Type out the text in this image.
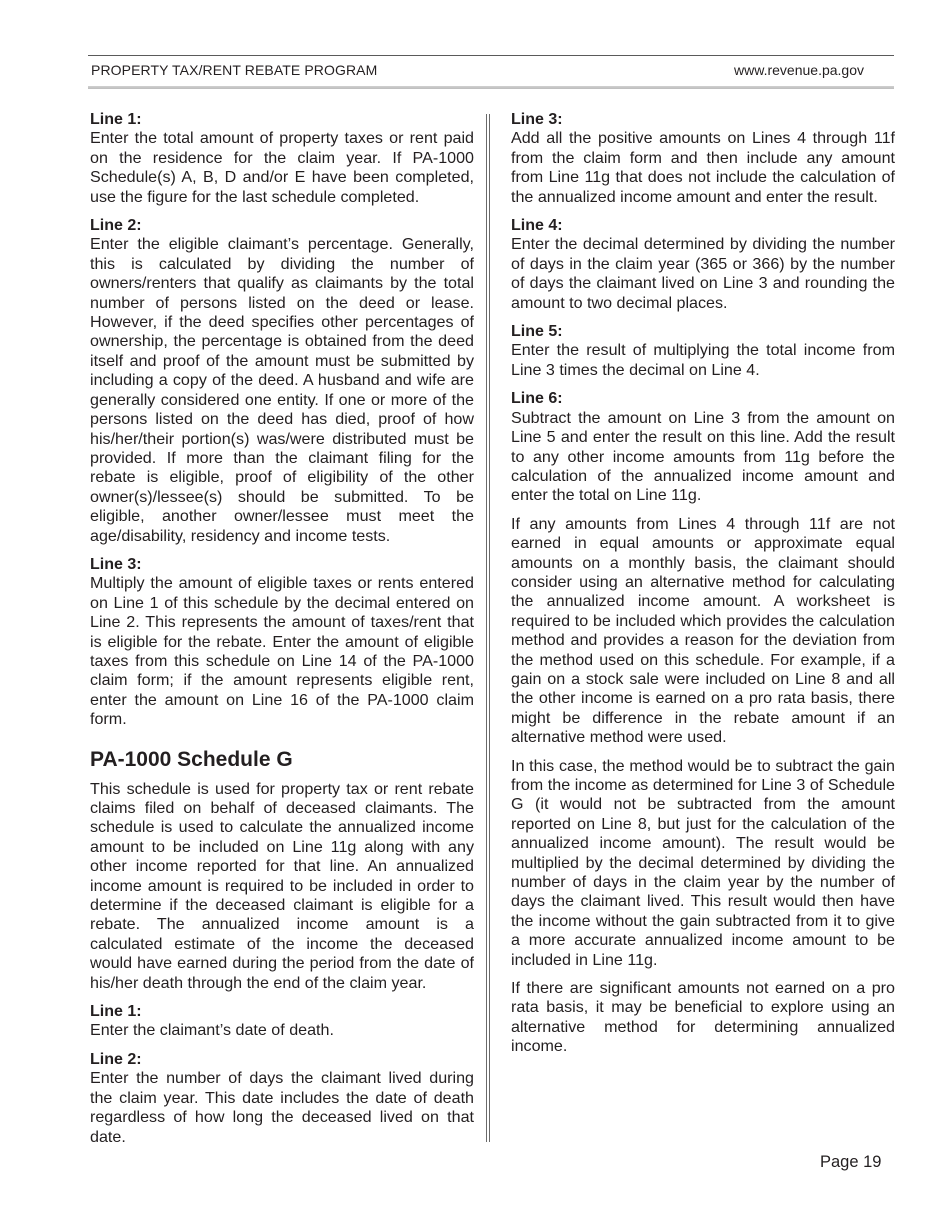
PROPERTY TAX/RENT REBATE PROGRAM	www.revenue.pa.gov
Line 1:

Enter the total amount of property taxes or rent paid on the residence for the claim year. If PA-1000 Schedule(s) A, B, D and/or E have been completed, use the figure for the last schedule completed.

Line 2:

Enter the eligible claimant’s percentage. Generally, this is calculated by dividing the number of owners/renters that qualify as claimants by the total number of persons listed on the deed or lease. However, if the deed specifies other percentages of ownership, the percentage is obtained from the deed itself and proof of the amount must be submitted by including a copy of the deed. A husband and wife are generally considered one entity. If one or more of the persons listed on the deed has died, proof of how his/her/their portion(s) was/were distributed must be provided. If more than the claimant filing for the rebate is eligible, proof of eligibility of the other owner(s)/lessee(s) should be submitted. To be eligible, another owner/lessee must meet the age/disability, residency and income tests.

Line 3:

Multiply the amount of eligible taxes or rents entered on Line 1 of this schedule by the decimal entered on Line 2. This represents the amount of taxes/rent that is eligible for the rebate. Enter the amount of eligible taxes from this schedule on Line 14 of the PA-1000 claim form; if the amount represents eligible rent, enter the amount on Line 16 of the PA-1000 claim form.

PA-1000 Schedule G

This schedule is used for property tax or rent rebate claims filed on behalf of deceased claimants. The schedule is used to calculate the annualized income amount to be included on Line 11g along with any other income reported for that line. An annualized income amount is required to be included in order to determine if the deceased claimant is eligible for a rebate. The annualized income amount is a calculated estimate of the income the deceased would have earned during the period from the date of his/her death through the end of the claim year.

Line 1:

Enter the claimant’s date of death.

Line 2:

Enter the number of days the claimant lived during the claim year. This date includes the date of death regardless of how long the deceased lived on that date.

Line 3:

Add all the positive amounts on Lines 4 through 11f from the claim form and then include any amount from Line 11g that does not include the calculation of the annualized income amount and enter the result.

Line 4:

Enter the decimal determined by dividing the number of days in the claim year (365 or 366) by the number of days the claimant lived on Line 3 and rounding the amount to two decimal places.

Line 5:

Enter the result of multiplying the total income from Line 3 times the decimal on Line 4.

Line 6:

Subtract the amount on Line 3 from the amount on Line 5 and enter the result on this line. Add the result to any other income amounts from 11g before the calculation of the annualized income amount and enter the total on Line 11g.

If any amounts from Lines 4 through 11f are not earned in equal amounts or approximate equal amounts on a monthly basis, the claimant should consider using an alternative method for calculating the annualized income amount. A worksheet is required to be included which provides the calculation method and provides a reason for the deviation from the method used on this schedule. For example, if a gain on a stock sale were included on Line 8 and all the other income is earned on a pro rata basis, there might be difference in the rebate amount if an alternative method were used.

In this case, the method would be to subtract the gain from the income as determined for Line 3 of Schedule G (it would not be subtracted from the amount reported on Line 8, but just for the calculation of the annualized income amount). The result would be multiplied by the decimal determined by dividing the number of days in the claim year by the number of days the claimant lived. This result would then have the income without the gain subtracted from it to give a more accurate annualized income amount to be included in Line 11g.

If there are significant amounts not earned on a pro rata basis, it may be beneficial to explore using an alternative method for determining annualized income.

Page 19
